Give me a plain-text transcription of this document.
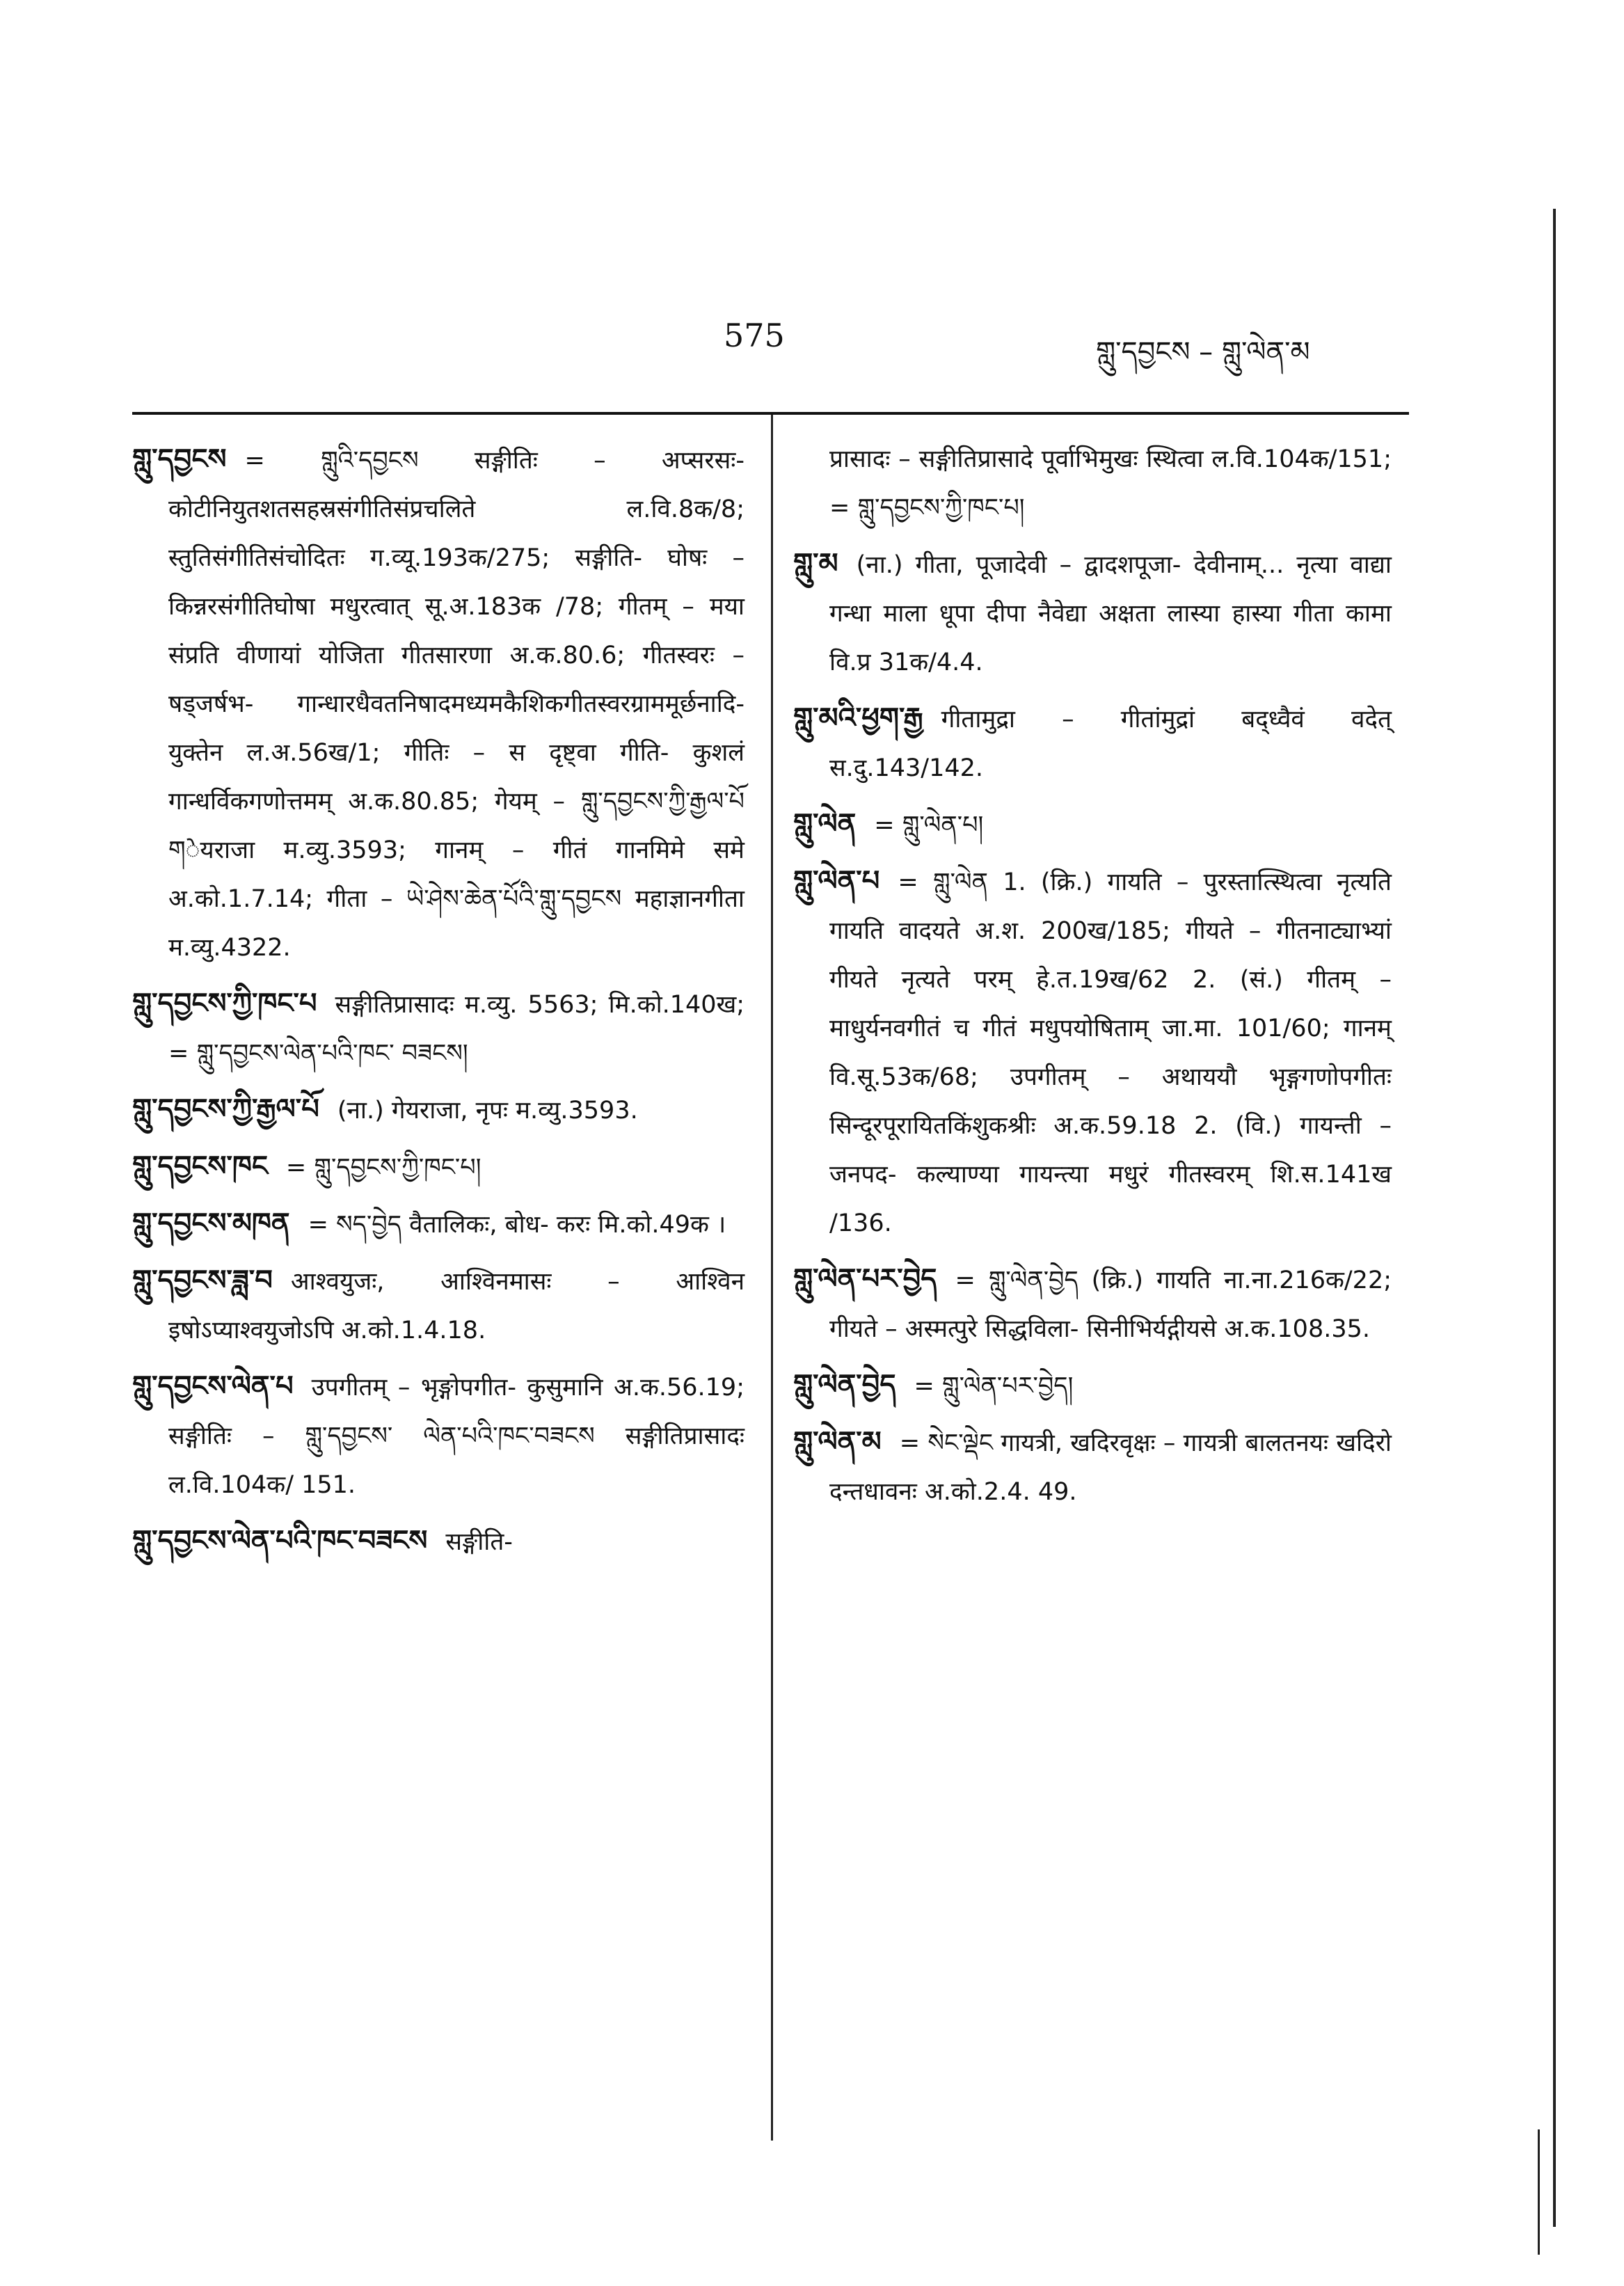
575	གླུ་དབྱངས – གླུ་ལེན་མ

གླུ་དབྱངས = གླུའི་དབྱངས सङ्गीतिः – अप्सरसः- कोटीनियुतशतसहस्रसंगीतिसंप्रचलिते ल.वि.8क/8; स्तुतिसंगीतिसंचोदितः ग.व्यू.193क/275; सङ्गीति- घोषः – किन्नरसंगीतिघोषा मधुरत्वात् सू.अ.183क /78; गीतम् – मया संप्रति वीणायां योजिता गीतसारणा अ.क.80.6; गीतस्वरः – षड्जर्षभ- गान्धारधैवतनिषादमध्यमकैशिकगीतस्वरग्राममूर्छनादि- युक्तेन ल.अ.56ख/1; गीतिः – स दृष्ट्वा गीति- कुशलं गान्धर्विकगणोत्तमम् अ.क.80.85; गेयम् – གླུ་དབྱངས་ཀྱི་རྒྱལ་པོ གेयराजा म.व्यु.3593; गानम् – गीतं गानमिमे समे अ.को.1.7.14; गीता – ཡེ་ཤེས་ཆེན་པོའི་གླུ་དབྱངས महाज्ञानगीता म.व्यु.4322.

གླུ་དབྱངས་ཀྱི་ཁང་པ सङ्गीतिप्रासादः म.व्यु. 5563; मि.को.140ख; = གླུ་དབྱངས་ལེན་པའི་ཁང་ བཟངས།

གླུ་དབྱངས་ཀྱི་རྒྱལ་པོ (ना.) गेयराजा, नृपः म.व्यु.3593.

གླུ་དབྱངས་ཁང = གླུ་དབྱངས་ཀྱི་ཁང་པ།

གླུ་དབྱངས་མཁན = སད་བྱེད वैतालिकः, बोध- करः मि.को.49क ।

གླུ་དབྱངས་ཟླ་བ आश्वयुजः, आश्विनमासः – आश्विन इषोऽप्याश्वयुजोऽपि अ.को.1.4.18.

གླུ་དབྱངས་ལེན་པ उपगीतम् – भृङ्गोपगीत- कुसुमानि अ.क.56.19; सङ्गीतिः – གླུ་དབྱངས་ ལེན་པའི་ཁང་བཟངས सङ्गीतिप्रासादः ल.वि.104क/ 151.

གླུ་དབྱངས་ལེན་པའི་ཁང་བཟངས सङ्गीति-

प्रासादः – सङ्गीतिप्रासादे पूर्वाभिमुखः स्थित्वा ल.वि.104क/151; = གླུ་དབྱངས་ཀྱི་ཁང་པ།

གླུ་མ (ना.) गीता, पूजादेवी – द्वादशपूजा- देवीनाम्... नृत्या वाद्या गन्धा माला धूपा दीपा नैवेद्या अक्षता लास्या हास्या गीता कामा वि.प्र 31क/4.4.

གླུ་མའི་ཕྱག་རྒྱ गीतामुद्रा – गीतांमुद्रां बद्ध्वैवं वदेत् स.दु.143/142.

གླུ་ལེན = གླུ་ལེན་པ།

གླུ་ལེན་པ = གླུ་ལེན 1. (क्रि.) गायति – पुरस्तात्स्थित्वा नृत्यति गायति वादयते अ.श. 200ख/185; गीयते – गीतनाट्याभ्यां गीयते नृत्यते परम् हे.त.19ख/62 2. (सं.) गीतम् – माधुर्यनवगीतं च गीतं मधुपयोषिताम् जा.मा. 101/60; गानम् वि.सू.53क/68; उपगीतम् – अथाययौ भृङ्गगणोपगीतः सिन्दूरपूरायितकिंशुकश्रीः अ.क.59.18 2. (वि.) गायन्ती – जनपद- कल्याण्या गायन्त्या मधुरं गीतस्वरम् शि.स.141ख /136.

གླུ་ལེན་པར་བྱེད = གླུ་ལེན་བྱེད (क्रि.) गायति ना.ना.216क/22; गीयते – अस्मत्पुरे सिद्धविला- सिनीभिर्यद्गीयसे अ.क.108.35.

གླུ་ལེན་བྱེད = གླུ་ལེན་པར་བྱེད།

གླུ་ལེན་མ = སེང་ལྡེང गायत्री, खदिरवृक्षः – गायत्री बालतनयः खदिरो दन्तधावनः अ.को.2.4. 49.
